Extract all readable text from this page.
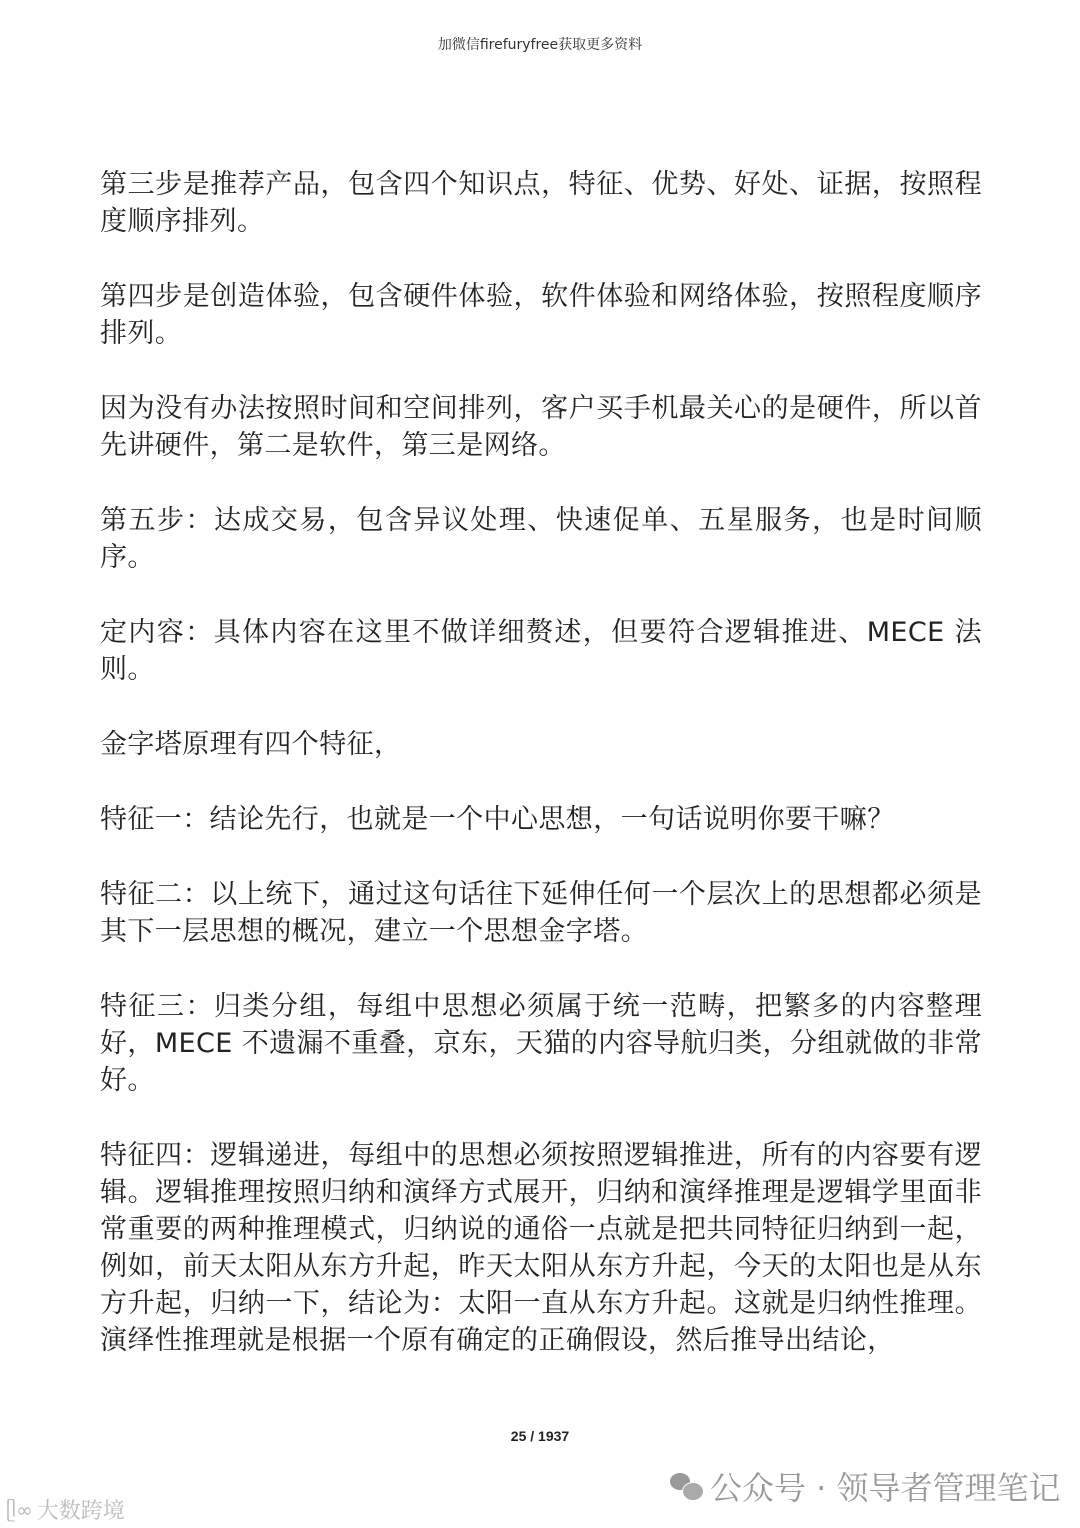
加微信firefuryfree获取更多资料

第三步是推荐产品，包含四个知识点，特征、优势、好处、证据，按照程度顺序排列。

第四步是创造体验，包含硬件体验，软件体验和网络体验，按照程度顺序排列。

因为没有办法按照时间和空间排列，客户买手机最关心的是硬件，所以首先讲硬件，第二是软件，第三是网络。

第五步：达成交易，包含异议处理、快速促单、五星服务，也是时间顺序。

定内容：具体内容在这里不做详细赘述，但要符合逻辑推进、MECE 法则。

金字塔原理有四个特征，

特征一：结论先行，也就是一个中心思想，一句话说明你要干嘛？

特征二：以上统下，通过这句话往下延伸任何一个层次上的思想都必须是其下一层思想的概况，建立一个思想金字塔。

特征三：归类分组，每组中思想必须属于统一范畴，把繁多的内容整理好，MECE 不遗漏不重叠，京东，天猫的内容导航归类，分组就做的非常好。

特征四：逻辑递进，每组中的思想必须按照逻辑推进，所有的内容要有逻辑。逻辑推理按照归纳和演绎方式展开，归纳和演绎推理是逻辑学里面非常重要的两种推理模式，归纳说的通俗一点就是把共同特征归纳到一起，例如，前天太阳从东方升起，昨天太阳从东方升起，今天的太阳也是从东方升起，归纳一下，结论为：太阳一直从东方升起。这就是归纳性推理。演绎性推理就是根据一个原有确定的正确假设，然后推导出结论，

25 / 1937
公众号 · 领导者管理笔记
ᥫ∞ 大数跨境
